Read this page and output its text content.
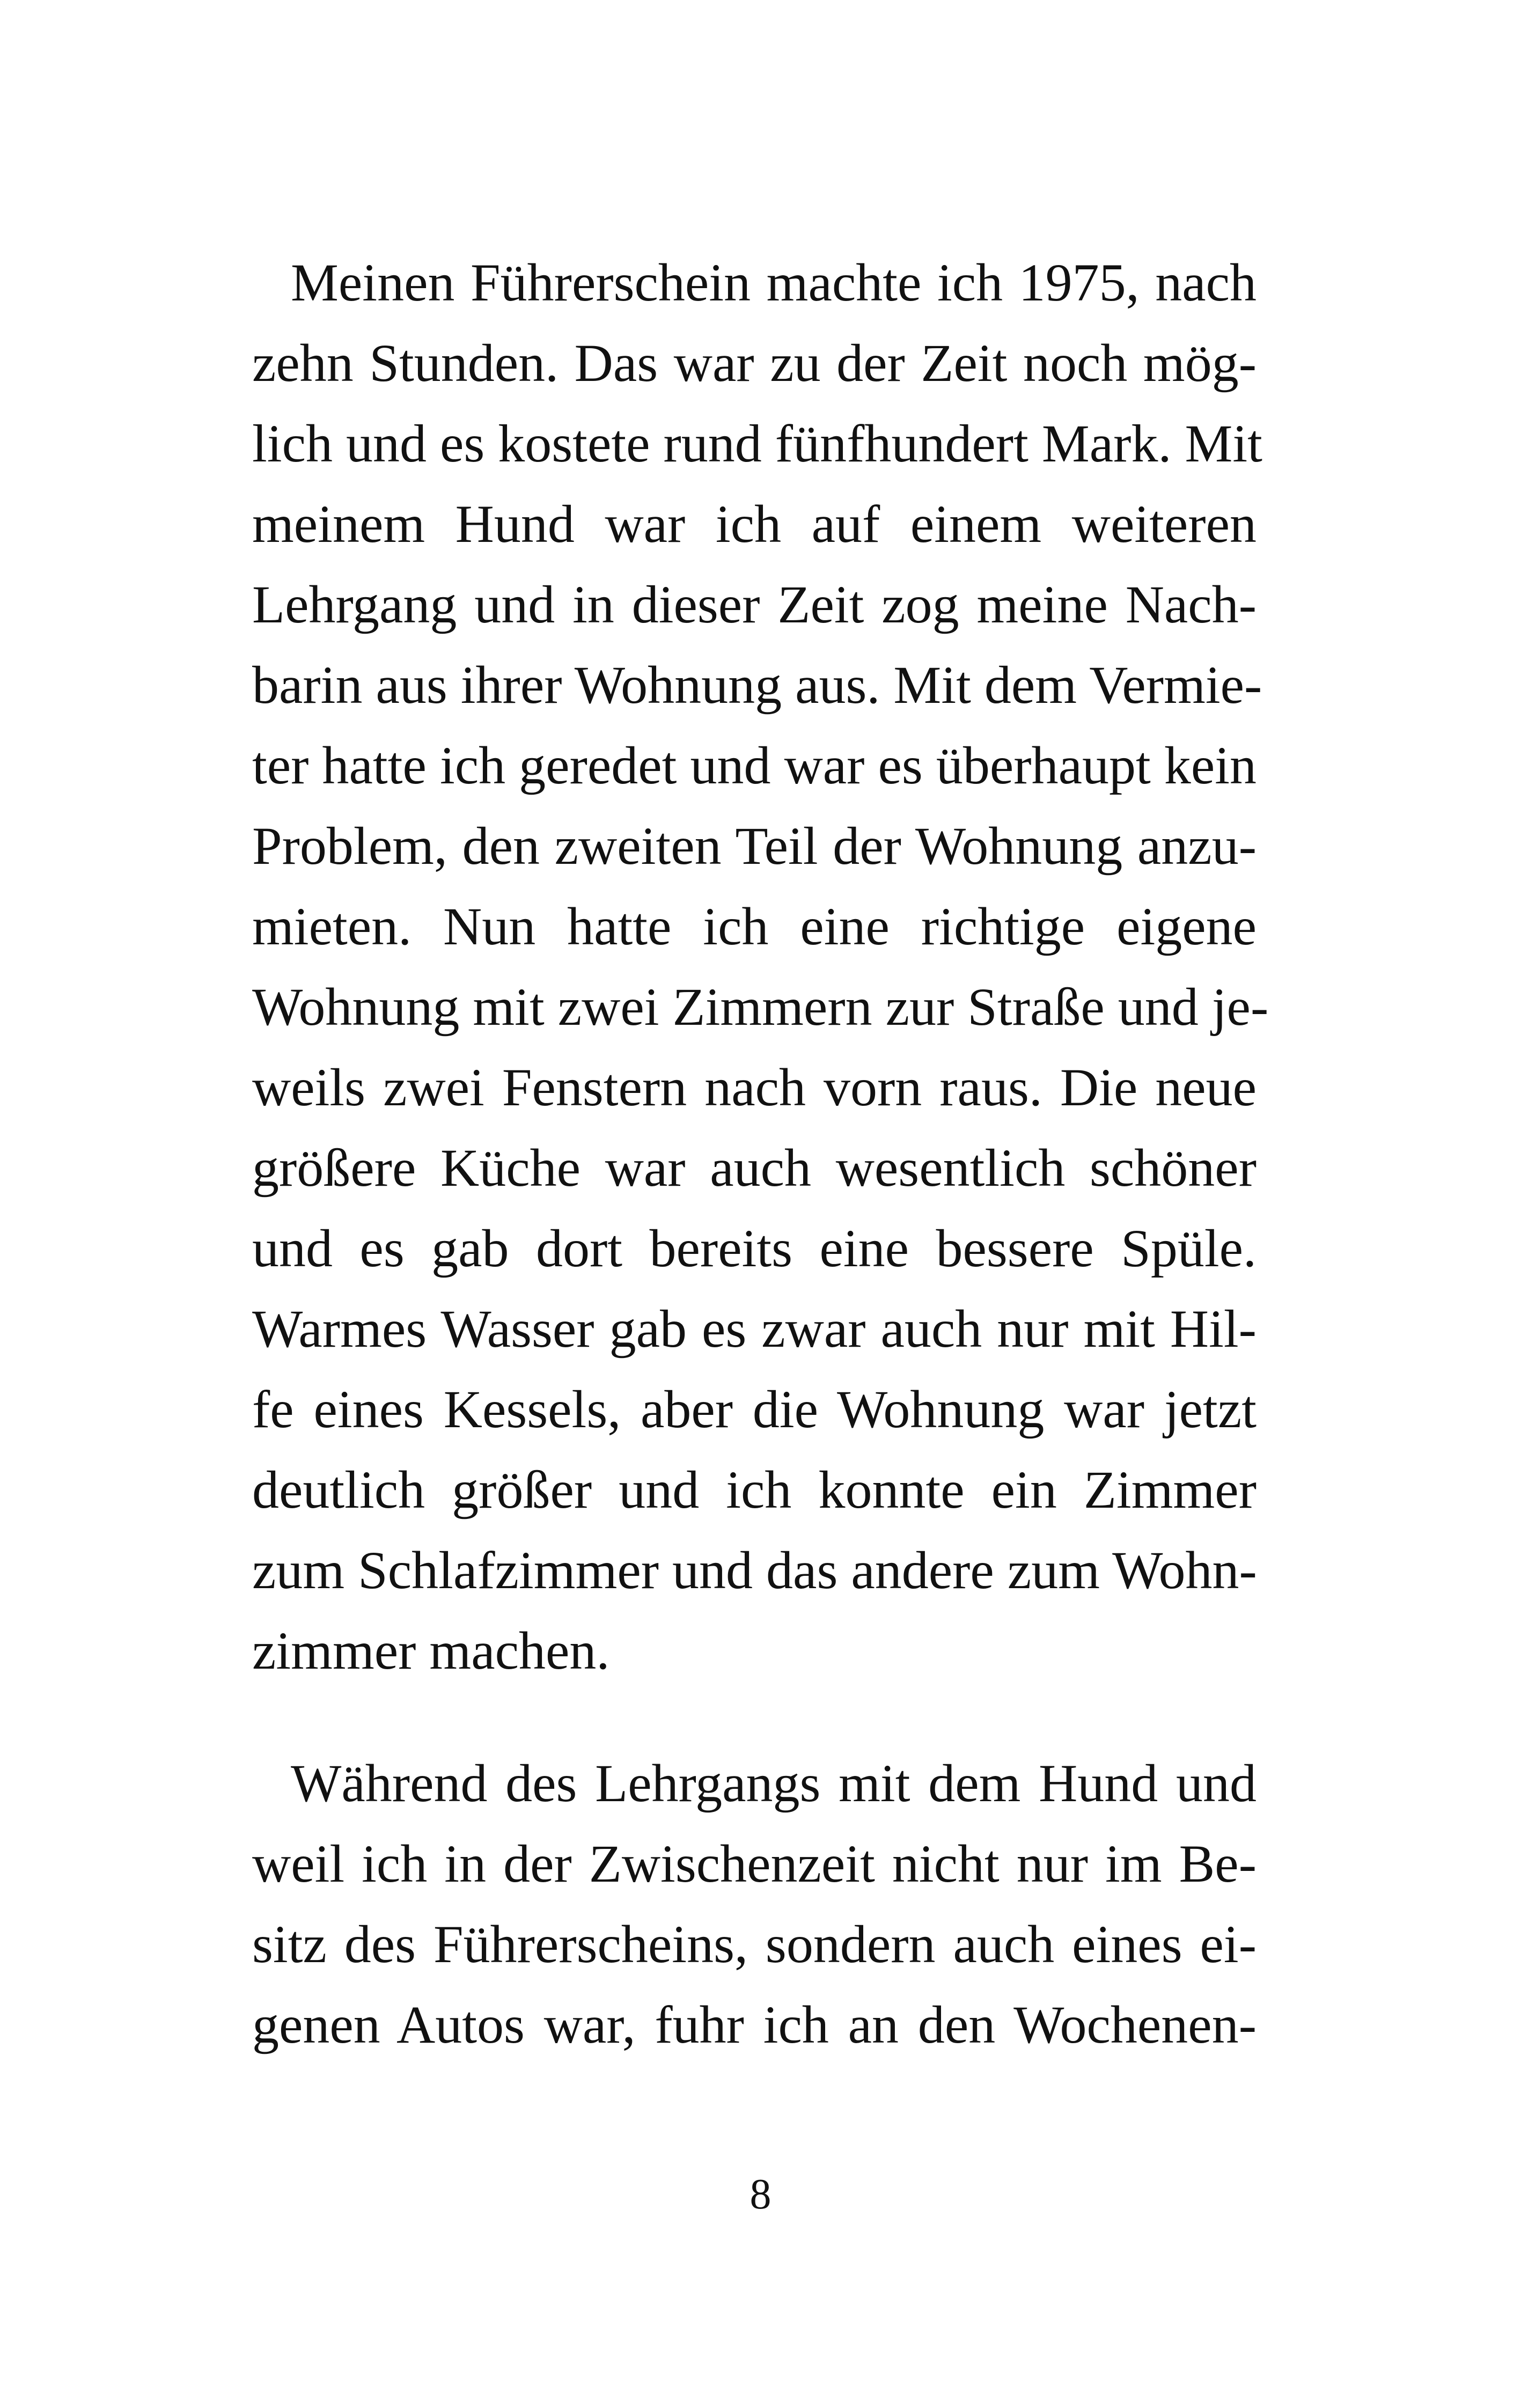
Meinen Führerschein machte ich 1975, nach
zehn Stunden. Das war zu der Zeit noch mög-
lich und es kostete rund fünfhundert Mark. Mit
meinem Hund war ich auf einem weiteren
Lehrgang und in dieser Zeit zog meine Nach-
barin aus ihrer Wohnung aus. Mit dem Vermie-
ter hatte ich geredet und war es überhaupt kein
Problem, den zweiten Teil der Wohnung anzu-
mieten. Nun hatte ich eine richtige eigene
Wohnung mit zwei Zimmern zur Straße und je-
weils zwei Fenstern nach vorn raus. Die neue
größere Küche war auch wesentlich schöner
und es gab dort bereits eine bessere Spüle.
Warmes Wasser gab es zwar auch nur mit Hil-
fe eines Kessels, aber die Wohnung war jetzt
deutlich größer und ich konnte ein Zimmer
zum Schlafzimmer und das andere zum Wohn-
zimmer machen.

Während des Lehrgangs mit dem Hund und
weil ich in der Zwischenzeit nicht nur im Be-
sitz des Führerscheins, sondern auch eines ei-
genen Autos war, fuhr ich an den Wochenen-

8
